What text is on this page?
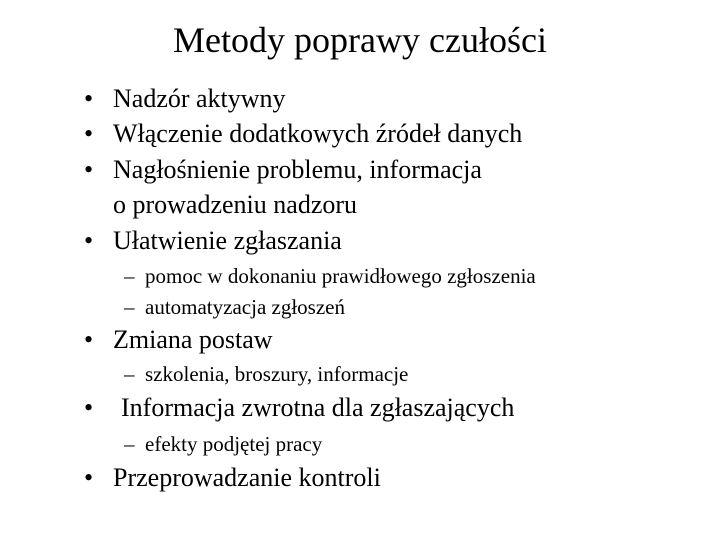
Metody poprawy czułości
• Nadzór aktywny
• Włączenie dodatkowych źródeł danych
• Nagłośnienie problemu, informacja
o prowadzeniu nadzoru
• Ułatwienie zgłaszania
– pomoc w dokonaniu prawidłowego zgłoszenia
– automatyzacja zgłoszeń
• Zmiana postaw
– szkolenia, broszury, informacje
•	Informacja zwrotna dla zgłaszających
– efekty podjętej pracy
• Przeprowadzanie kontroli
